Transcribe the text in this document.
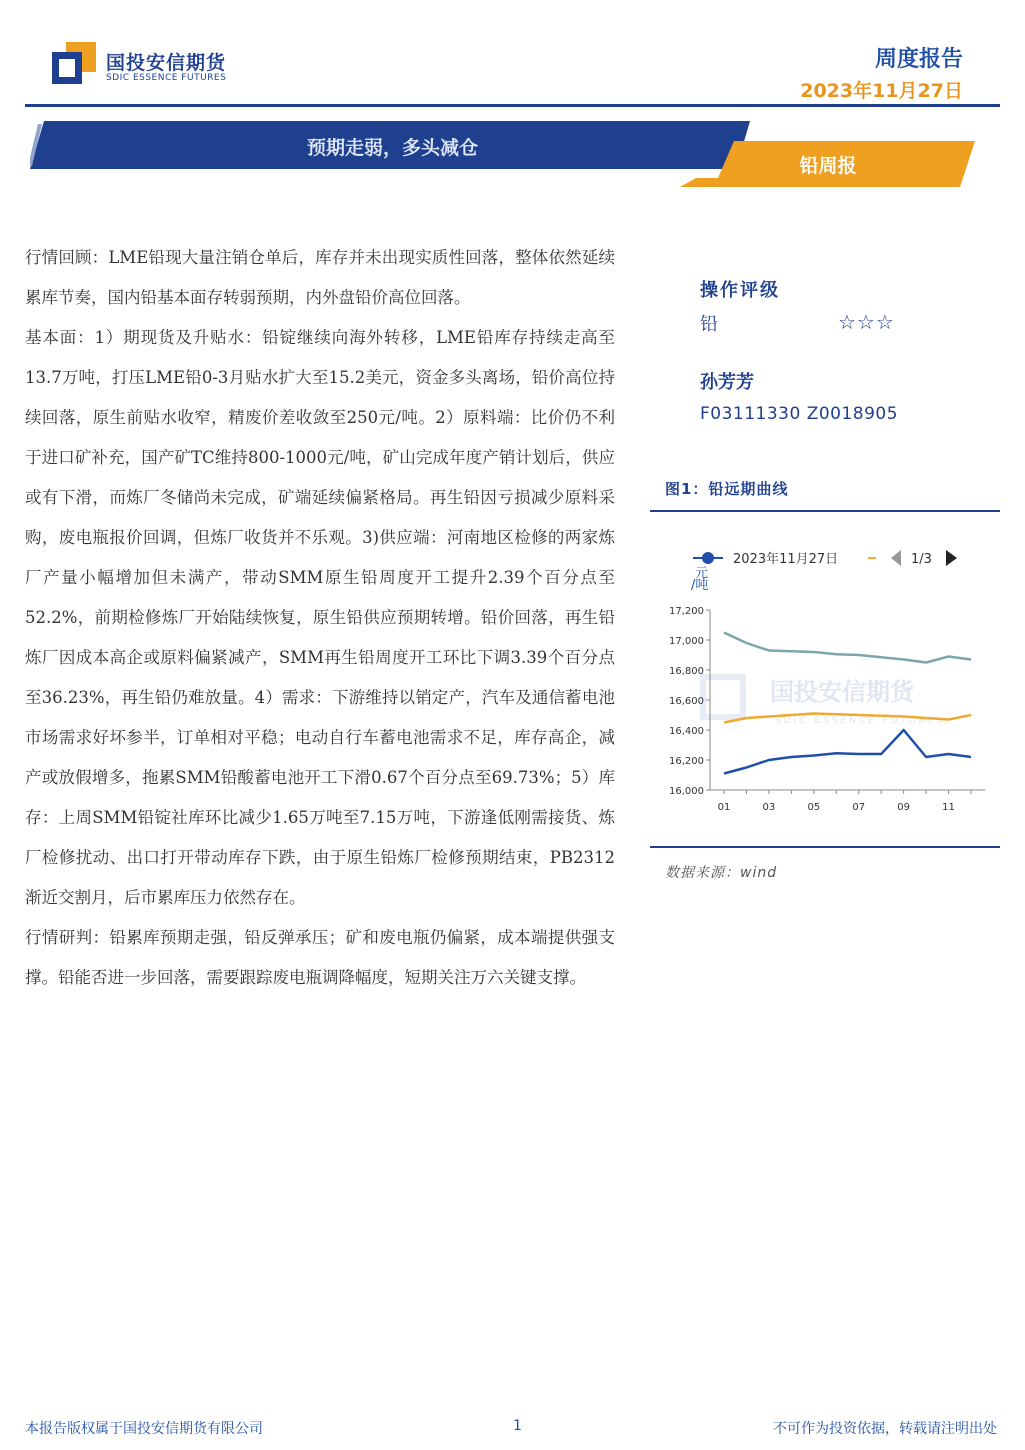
国投安信期货
SDIC ESSENCE FUTURES
周度报告
2023年11月27日
预期走弱，多头减仓
铅周报

行情回顾：LME铅现大量注销仓单后，库存并未出现实质性回落，整体依然延续累库节奏，国内铅基本面存转弱预期，内外盘铅价高位回落。

基本面：1）期现货及升贴水：铅锭继续向海外转移，LME铅库存持续走高至13.7万吨，打压LME铅0-3月贴水扩大至15.2美元，资金多头离场，铅价高位持续回落，原生前贴水收窄，精废价差收敛至250元/吨。2）原料端：比价仍不利于进口矿补充，国产矿TC维持800-1000元/吨，矿山完成年度产销计划后，供应或有下滑，而炼厂冬储尚未完成，矿端延续偏紧格局。再生铅因亏损减少原料采购，废电瓶报价回调，但炼厂收货并不乐观。3)供应端：河南地区检修的两家炼厂产量小幅增加但未满产，带动SMM原生铅周度开工提升2.39个百分点至52.2%，前期检修炼厂开始陆续恢复，原生铅供应预期转增。铅价回落，再生铅炼厂因成本高企或原料偏紧减产，SMM再生铅周度开工环比下调3.39个百分点至36.23%，再生铅仍难放量。4）需求：下游维持以销定产，汽车及通信蓄电池市场需求好坏参半，订单相对平稳；电动自行车蓄电池需求不足，库存高企，减产或放假增多，拖累SMM铅酸蓄电池开工下滑0.67个百分点至69.73%；5）库存：上周SMM铅锭社库环比减少1.65万吨至7.15万吨，下游逢低刚需接货、炼厂检修扰动、出口打开带动库存下跌，由于原生铅炼厂检修预期结束，PB2312渐近交割月，后市累库压力依然存在。

行情研判：铅累库预期走强，铅反弹承压；矿和废电瓶仍偏紧，成本端提供强支撑。铅能否进一步回落，需要跟踪废电瓶调降幅度，短期关注万六关键支撑。

操作评级
铅	☆☆☆
孙芳芳
F03111330 Z0018905
图1：铅远期曲线
国投安信期货
SDIC ESSENCE FUTURES
2023年11月27日	1/3
元
/吨
17,200
17,000
16,800
16,600
16,400
16,200
16,000
01	03	05	07	09	11
数据来源：wind
本报告版权属于国投安信期货有限公司	1	不可作为投资依据，转载请注明出处
